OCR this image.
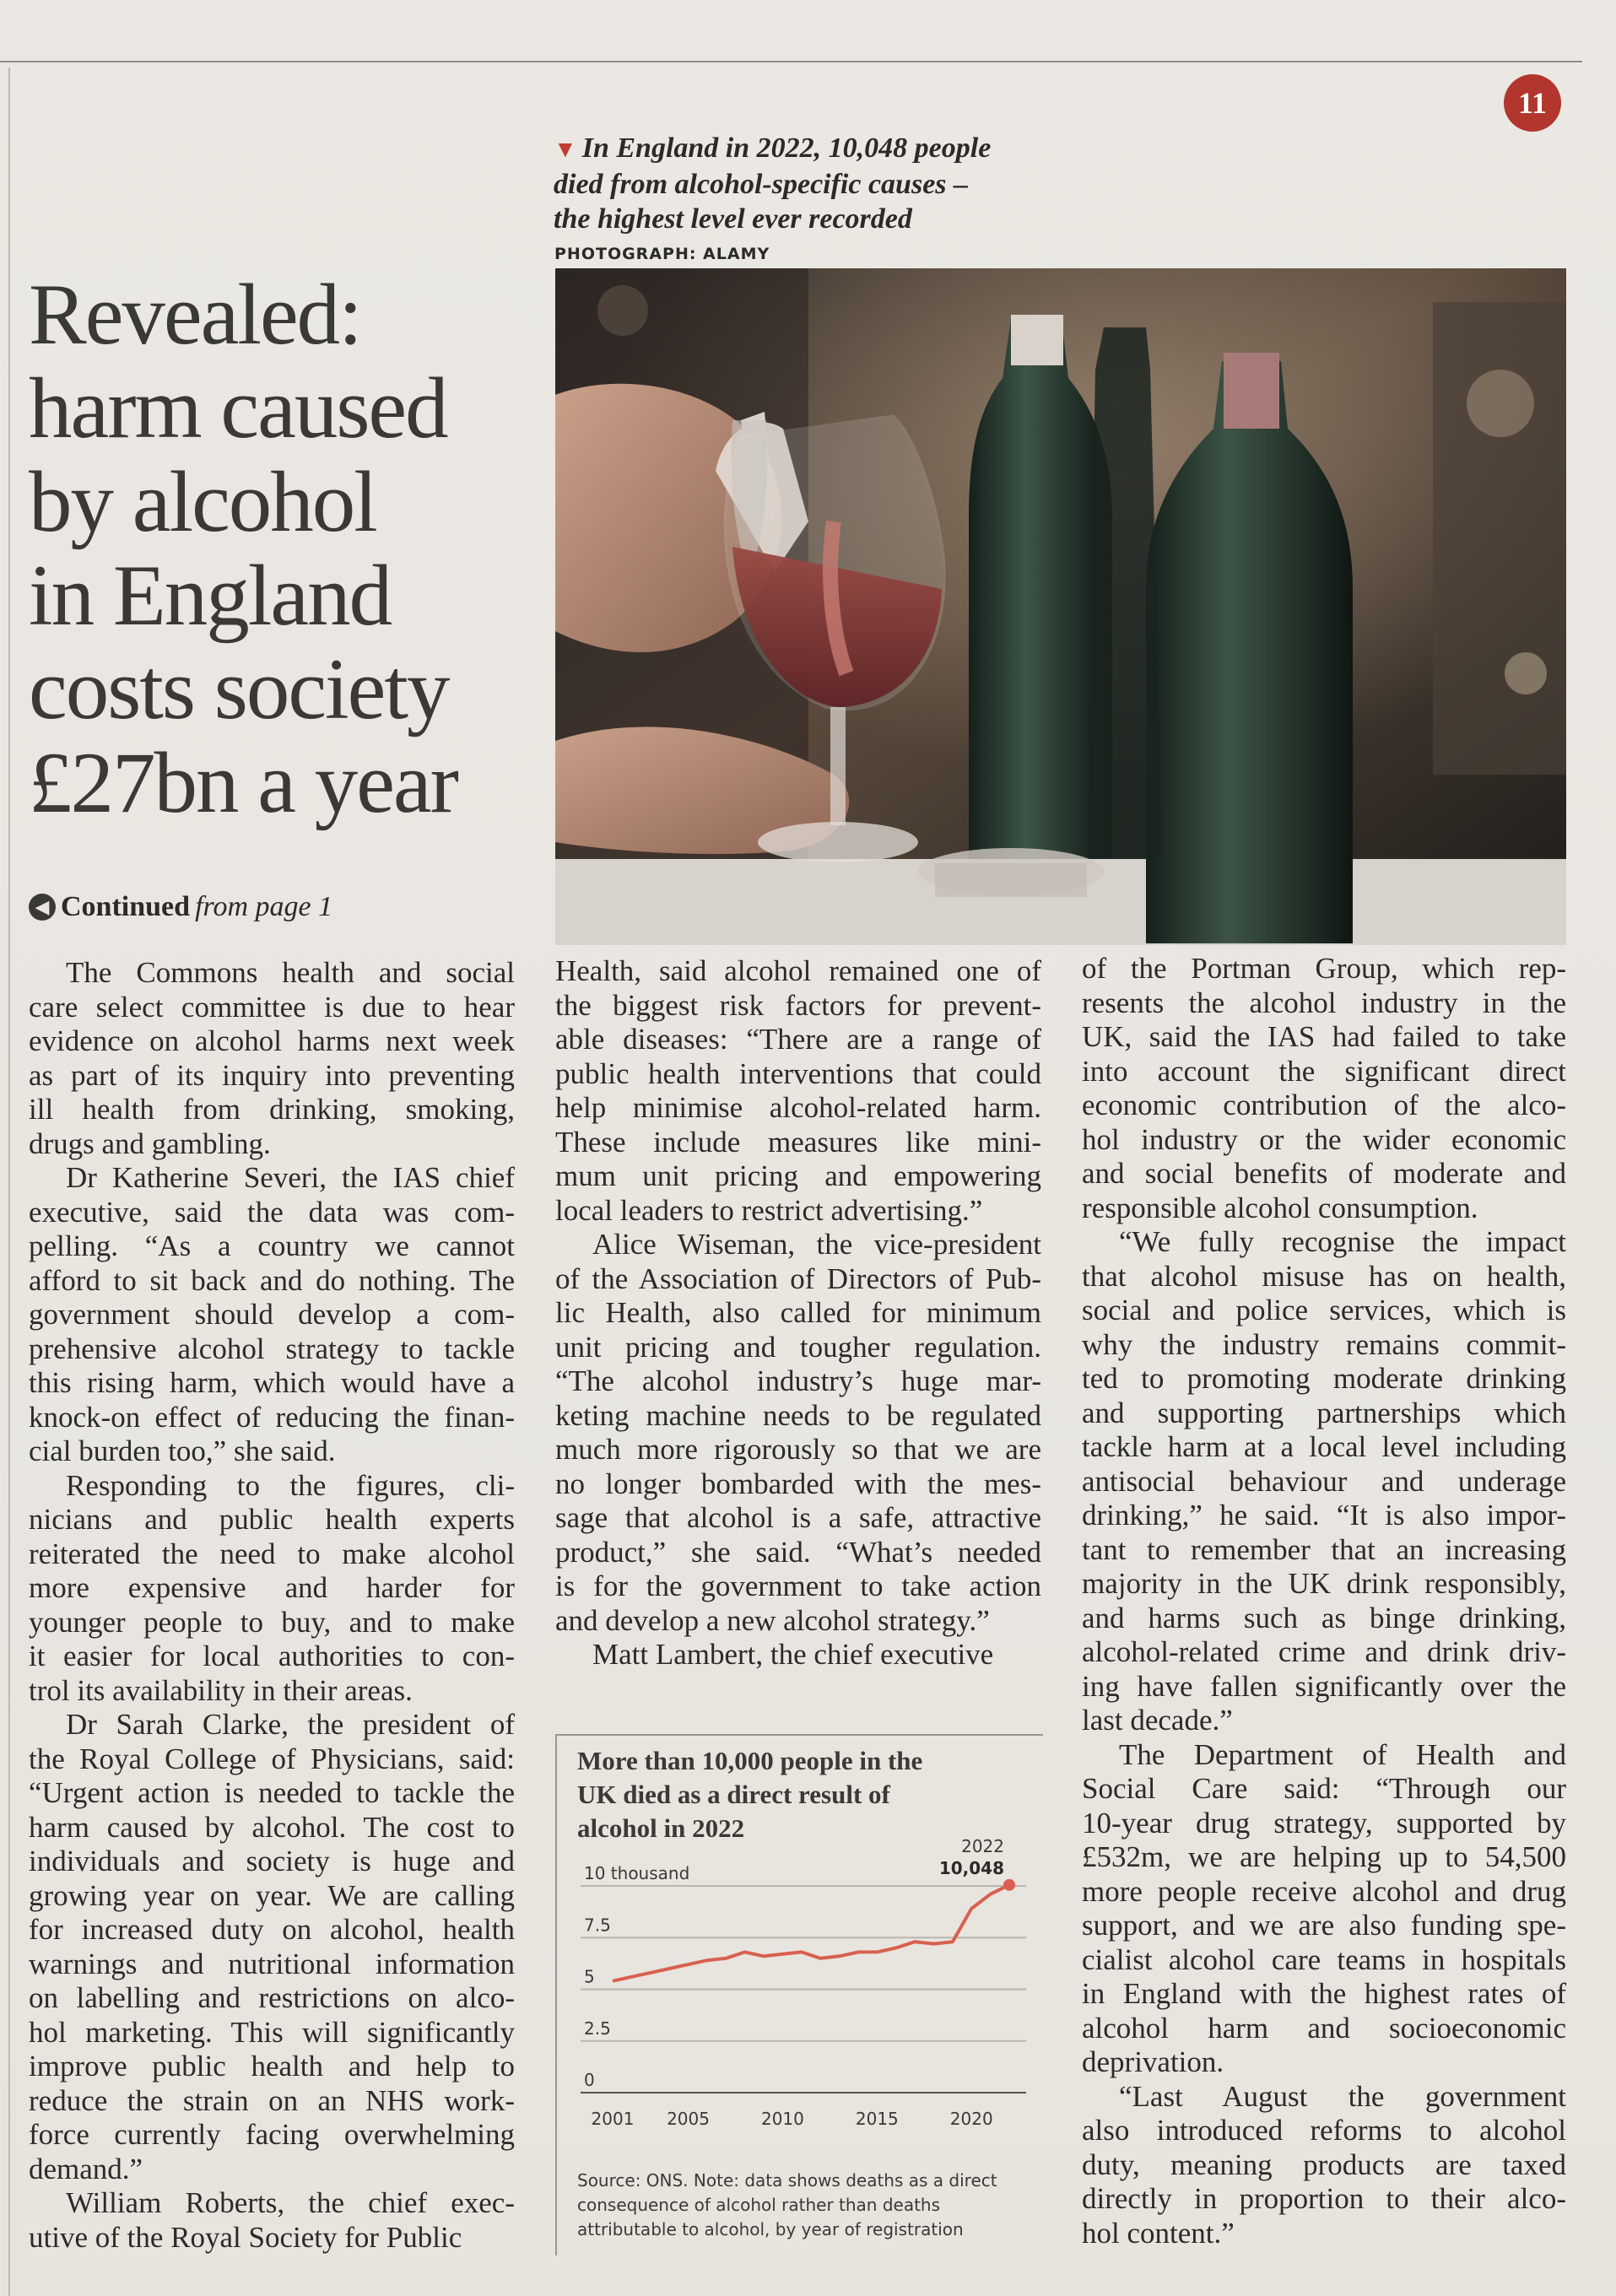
11
▼ In England in 2022, 10,048 people
died from alcohol-specific causes –
the highest level ever recorded
PHOTOGRAPH: ALAMY
Revealed:
harm caused
by alcohol
in England
costs society
£27bn a year
◀ Continued from page 1
The Commons health and social
care select committee is due to hear
evidence on alcohol harms next week
as part of its inquiry into preventing
ill health from drinking, smoking,
drugs and gambling.
Dr Katherine Severi, the IAS chief
executive, said the data was com-
pelling. “As a country we cannot
afford to sit back and do nothing. The
government should develop a com-
prehensive alcohol strategy to tackle
this rising harm, which would have a
knock-on effect of reducing the finan-
cial burden too,” she said.
Responding to the figures, cli-
nicians and public health experts
reiterated the need to make alcohol
more expensive and harder for
younger people to buy, and to make
it easier for local authorities to con-
trol its availability in their areas.
Dr Sarah Clarke, the president of
the Royal College of Physicians, said:
“Urgent action is needed to tackle the
harm caused by alcohol. The cost to
individuals and society is huge and
growing year on year. We are calling
for increased duty on alcohol, health
warnings and nutritional information
on labelling and restrictions on alco-
hol marketing. This will significantly
improve public health and help to
reduce the strain on an NHS work-
force currently facing overwhelming
demand.”
William Roberts, the chief exec-
utive of the Royal Society for Public
Health, said alcohol remained one of
the biggest risk factors for prevent-
able diseases: “There are a range of
public health interventions that could
help minimise alcohol-related harm.
These include measures like mini-
mum unit pricing and empowering
local leaders to restrict advertising.”
Alice Wiseman, the vice-president
of the Association of Directors of Pub-
lic Health, also called for minimum
unit pricing and tougher regulation.
“The alcohol industry’s huge mar-
keting machine needs to be regulated
much more rigorously so that we are
no longer bombarded with the mes-
sage that alcohol is a safe, attractive
product,” she said. “What’s needed
is for the government to take action
and develop a new alcohol strategy.”
Matt Lambert, the chief executive
of the Portman Group, which rep-
resents the alcohol industry in the
UK, said the IAS had failed to take
into account the significant direct
economic contribution of the alco-
hol industry or the wider economic
and social benefits of moderate and
responsible alcohol consumption.
“We fully recognise the impact
that alcohol misuse has on health,
social and police services, which is
why the industry remains commit-
ted to promoting moderate drinking
and supporting partnerships which
tackle harm at a local level including
antisocial behaviour and underage
drinking,” he said. “It is also impor-
tant to remember that an increasing
majority in the UK drink responsibly,
and harms such as binge drinking,
alcohol-related crime and drink driv-
ing have fallen significantly over the
last decade.”
The Department of Health and
Social Care said: “Through our
10-year drug strategy, supported by
£532m, we are helping up to 54,500
more people receive alcohol and drug
support, and we are also funding spe-
cialist alcohol care teams in hospitals
in England with the highest rates of
alcohol harm and socioeconomic
deprivation.
“Last August the government
also introduced reforms to alcohol
duty, meaning products are taxed
directly in proportion to their alco-
hol content.”
More than 10,000 people in the
UK died as a direct result of
alcohol in 2022
0
2.5
5
7.5
10 thousand
2001 2005	2010	2015	2020
2022
10,048
Source: ONS. Note: data shows deaths as a direct
consequence of alcohol rather than deaths
attributable to alcohol, by year of registration
